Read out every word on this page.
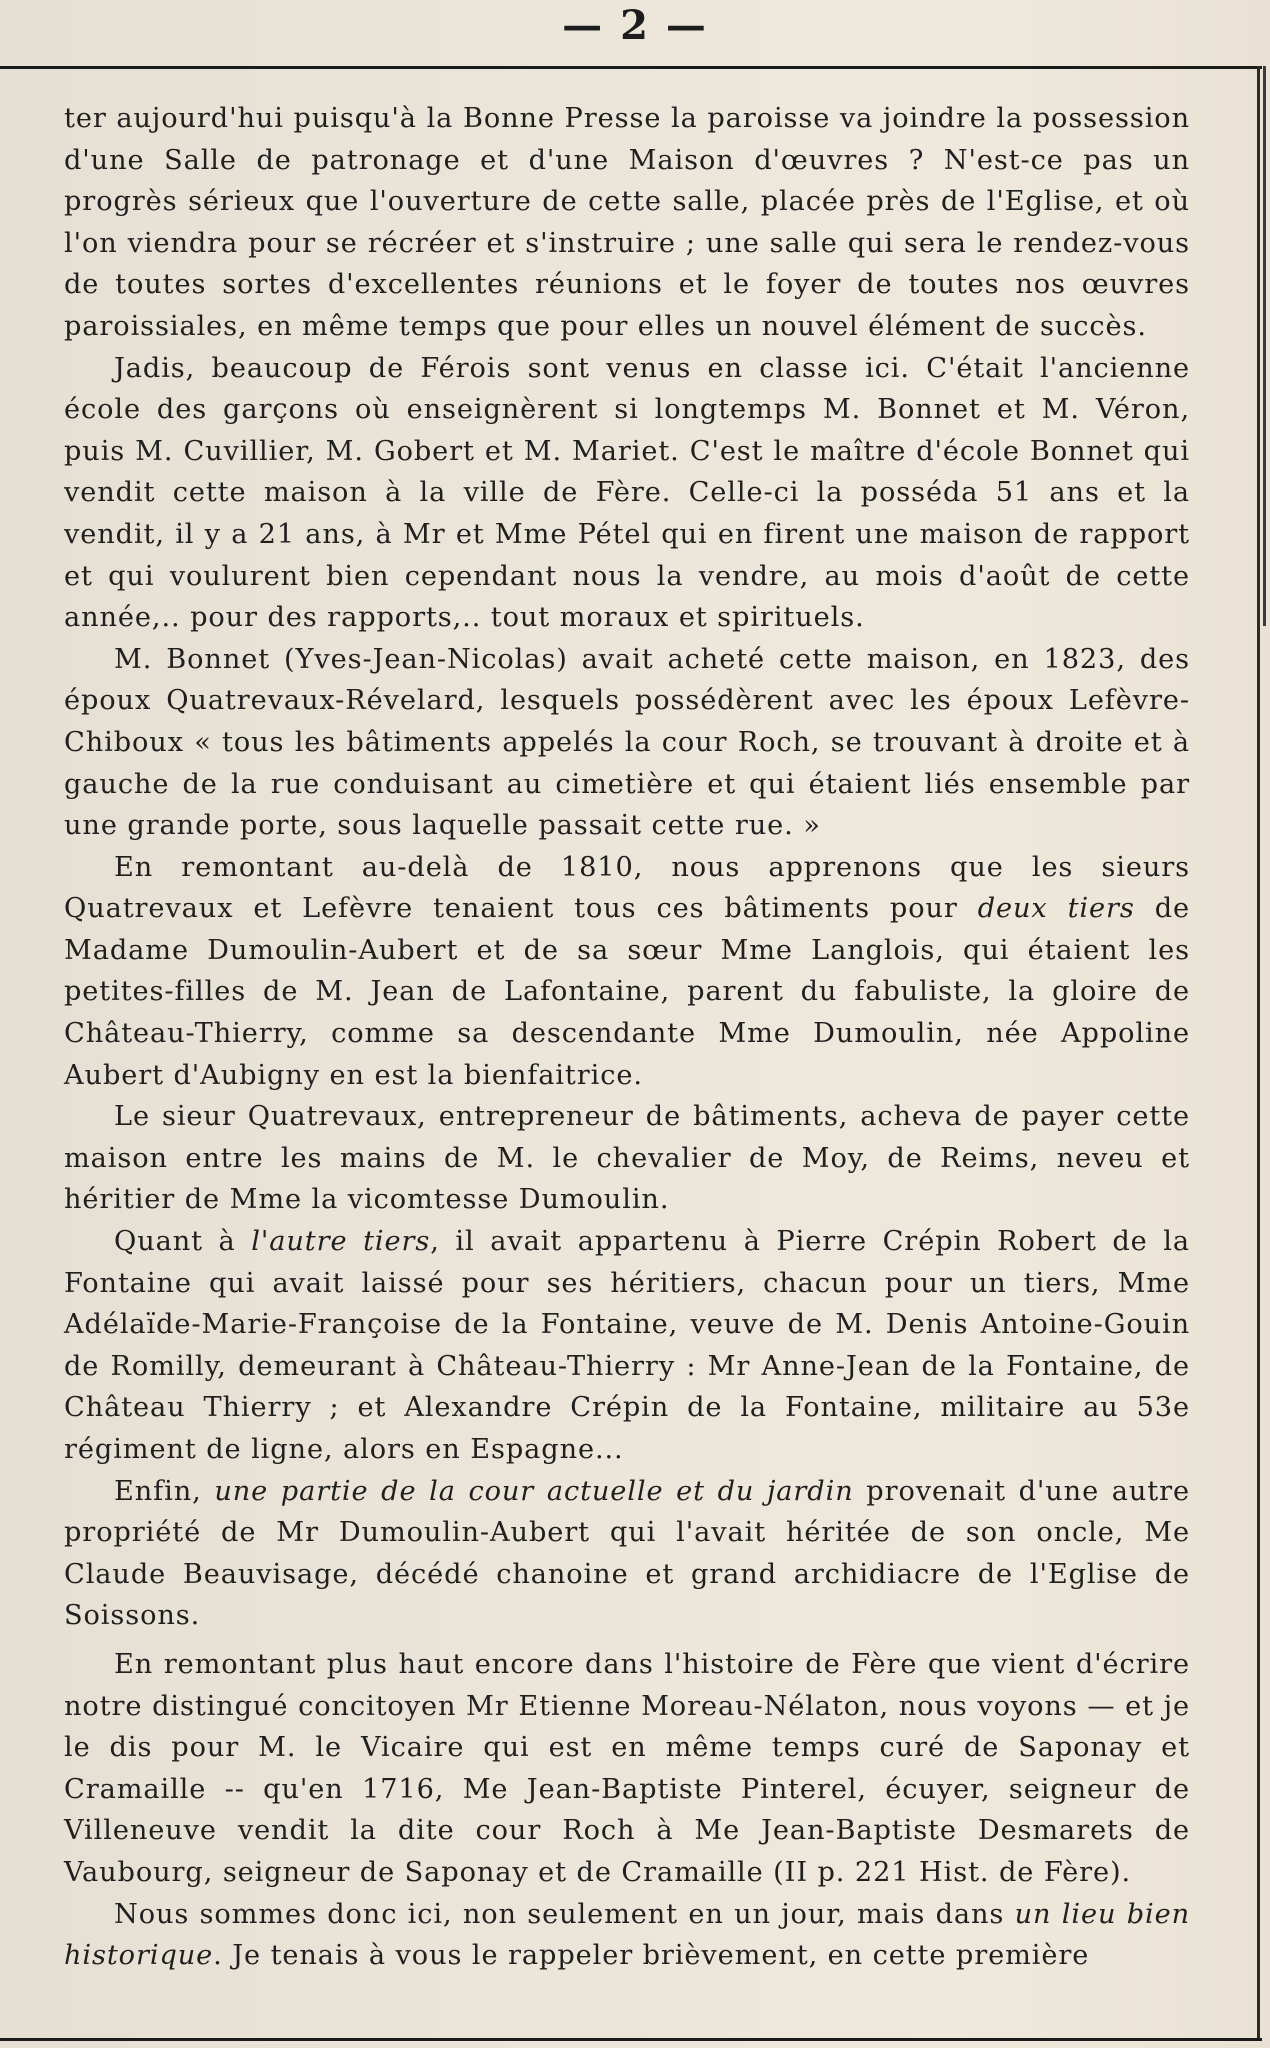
— 2 —

ter aujourd'hui puisqu'à la Bonne Presse la paroisse va joindre la possession d'une Salle de patronage et d'une Maison d'œuvres ? N'est-ce pas un progrès sérieux que l'ouverture de cette salle, placée près de l'Eglise, et où l'on viendra pour se récréer et s'instruire ; une salle qui sera le rendez-vous de toutes sortes d'excellentes réunions et le foyer de toutes nos œuvres paroissiales, en même temps que pour elles un nouvel élément de succès.

Jadis, beaucoup de Férois sont venus en classe ici. C'était l'ancienne école des garçons où enseignèrent si longtemps M. Bonnet et M. Véron, puis M. Cuvillier, M. Gobert et M. Mariet. C'est le maître d'école Bonnet qui vendit cette maison à la ville de Fère. Celle-ci la posséda 51 ans et la vendit, il y a 21 ans, à Mr et Mme Pétel qui en firent une maison de rapport et qui voulurent bien cependant nous la vendre, au mois d'août de cette année,.. pour des rapports,.. tout moraux et spirituels.

M. Bonnet (Yves-Jean-Nicolas) avait acheté cette maison, en 1823, des époux Quatrevaux-Révelard, lesquels possédèrent avec les époux Lefèvre-Chiboux « tous les bâtiments appelés la cour Roch, se trouvant à droite et à gauche de la rue conduisant au cimetière et qui étaient liés ensemble par une grande porte, sous laquelle passait cette rue. »

En remontant au-delà de 1810, nous apprenons que les sieurs Quatrevaux et Lefèvre tenaient tous ces bâtiments pour deux tiers de Madame Dumoulin-Aubert et de sa sœur Mme Langlois, qui étaient les petites-filles de M. Jean de Lafontaine, parent du fabuliste, la gloire de Château-Thierry, comme sa descendante Mme Dumoulin, née Appoline Aubert d'Aubigny en est la bienfaitrice.

Le sieur Quatrevaux, entrepreneur de bâtiments, acheva de payer cette maison entre les mains de M. le chevalier de Moy, de Reims, neveu et héritier de Mme la vicomtesse Dumoulin.

Quant à l'autre tiers, il avait appartenu à Pierre Crépin Robert de la Fontaine qui avait laissé pour ses héritiers, chacun pour un tiers, Mme Adélaïde-Marie-Françoise de la Fontaine, veuve de M. Denis Antoine-Gouin de Romilly, demeurant à Château-Thierry : Mr Anne-Jean de la Fontaine, de Château Thierry ; et Alexandre Crépin de la Fontaine, militaire au 53e régiment de ligne, alors en Espagne...

Enfin, une partie de la cour actuelle et du jardin provenait d'une autre propriété de Mr Dumoulin-Aubert qui l'avait héritée de son oncle, Me Claude Beauvisage, décédé chanoine et grand archidiacre de l'Eglise de Soissons.

En remontant plus haut encore dans l'histoire de Fère que vient d'écrire notre distingué concitoyen Mr Etienne Moreau-Nélaton, nous voyons — et je le dis pour M. le Vicaire qui est en même temps curé de Saponay et Cramaille -- qu'en 1716, Me Jean-Baptiste Pinterel, écuyer, seigneur de Villeneuve vendit la dite cour Roch à Me Jean-Baptiste Desmarets de Vaubourg, seigneur de Saponay et de Cramaille (II p. 221 Hist. de Fère).

Nous sommes donc ici, non seulement en un jour, mais dans un lieu bien historique. Je tenais à vous le rappeler brièvement, en cette première
